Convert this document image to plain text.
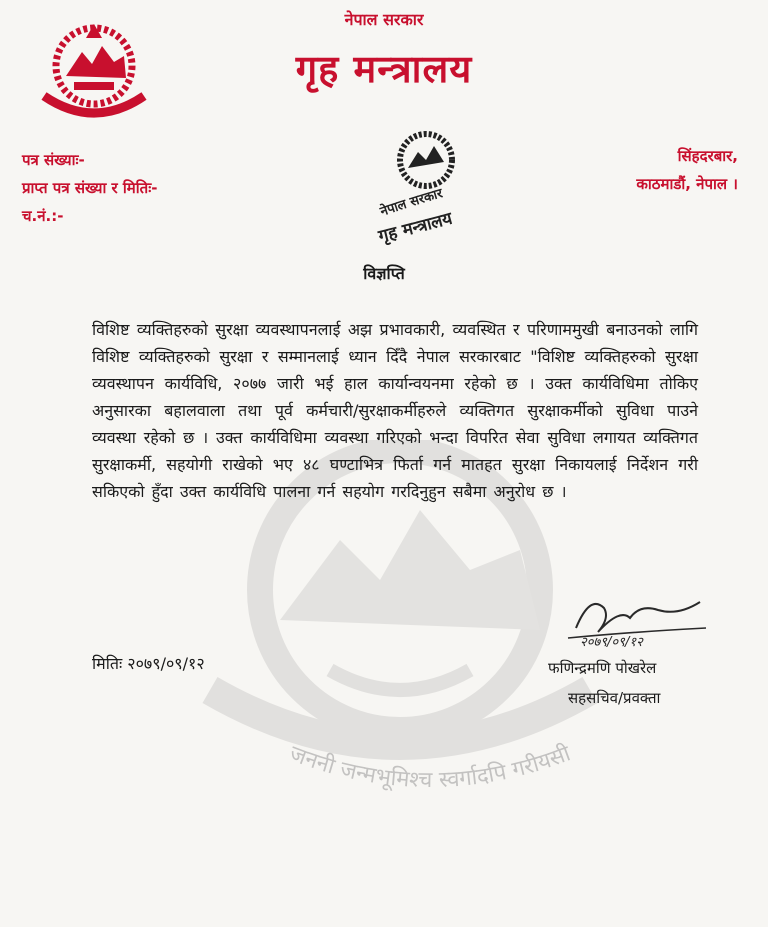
जननी जन्मभूमिश्च स्वर्गादपि गरीयसी
नेपाल सरकार
गृह मन्त्रालय
पत्र संख्याः-
प्राप्त पत्र संख्या र मितिः-
च.नं.:-
सिंहदरबार,
काठमाडौं, नेपाल ।
नेपाल सरकार
गृह मन्त्रालय
विज्ञप्ति
विशिष्ट व्यक्तिहरुको सुरक्षा व्यवस्थापनलाई अझ प्रभावकारी, व्यवस्थित र परिणाममुखी बनाउनको लागि विशिष्ट व्यक्तिहरुको सुरक्षा र सम्मानलाई ध्यान दिँदै नेपाल सरकारबाट "विशिष्ट व्यक्तिहरुको सुरक्षा व्यवस्थापन कार्यविधि, २०७७ जारी भई हाल कार्यान्वयनमा रहेको छ । उक्त कार्यविधिमा तोकिए अनुसारका बहालवाला तथा पूर्व कर्मचारी/सुरक्षाकर्मीहरुले व्यक्तिगत सुरक्षाकर्मीको सुविधा पाउने व्यवस्था रहेको छ । उक्त कार्यविधिमा व्यवस्था गरिएको भन्दा विपरित सेवा सुविधा लगायत व्यक्तिगत सुरक्षाकर्मी, सहयोगी राखेको भए ४८ घण्टाभित्र फिर्ता गर्न मातहत सुरक्षा निकायलाई निर्देशन गरी सकिएको हुँदा उक्त कार्यविधि पालना गर्न सहयोग गरदिनुहुन सबैमा अनुरोध छ ।
मितिः २०७९/०९/१२
२०७९/०९/१२
फणिन्द्रमणि पोखरेल
सहसचिव/प्रवक्ता
